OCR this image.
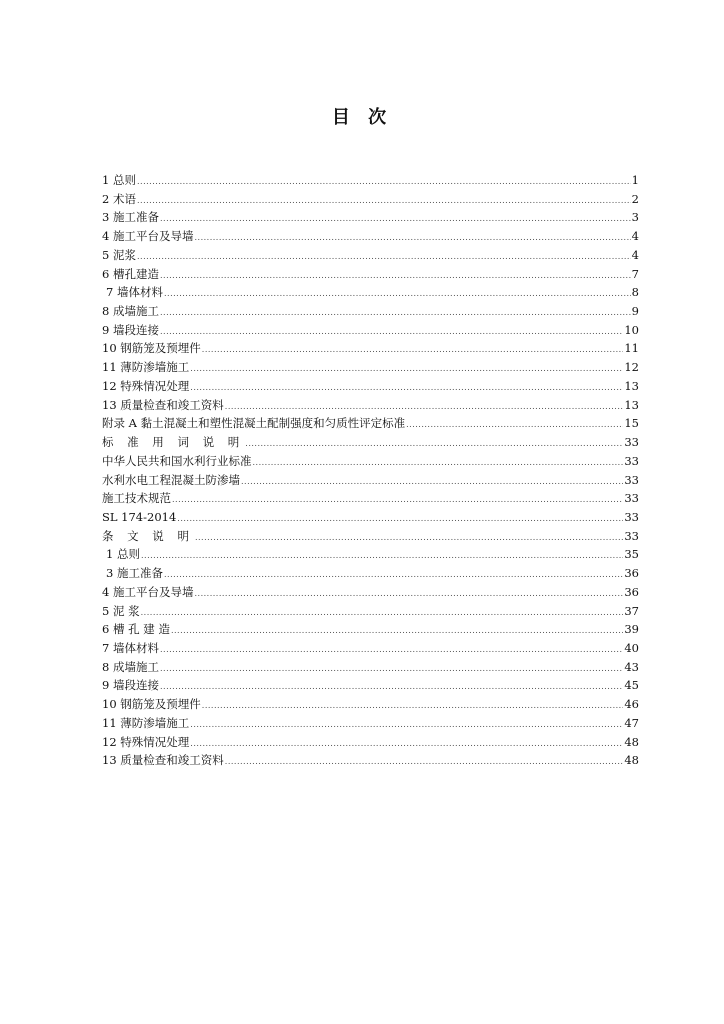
目 次
1 总则 .....	1
2 术语 .....	2
3 施工准备 .....	3
4 施工平台及导墙 .....	4
5 泥浆 .....	4
6 槽孔建造 .....	7
7 墙体材料 .....	8
8 成墙施工 .....	9
9 墙段连接 .....	10
10 钢筋笼及预埋件 .....	11
11 薄防渗墙施工 .....	12
12 特殊情况处理 .....	13
13 质量检查和竣工资料 .....	13
附录 A 黏土混凝土和塑性混凝土配制强度和匀质性评定标准 .....	15
标 准 用 词 说 明 .....	33
中华人民共和国水利行业标准 .....	33
水利水电工程混凝土防渗墙 .....	33
施工技术规范 .....	33
SL 174-2014 .....	33
条 文 说 明 .....	33
1 总则 .....	35
3 施工准备 .....	36
4 施工平台及导墙 .....	36
5 泥 浆 .....	37
6 槽 孔 建 造 .....	39
7 墙体材料 .....	40
8 成墙施工 .....	43
9 墙段连接 .....	45
10 钢筋笼及预埋件 .....	46
11 薄防渗墙施工 .....	47
12 特殊情况处理 .....	48
13 质量检查和竣工资料 .....	48
